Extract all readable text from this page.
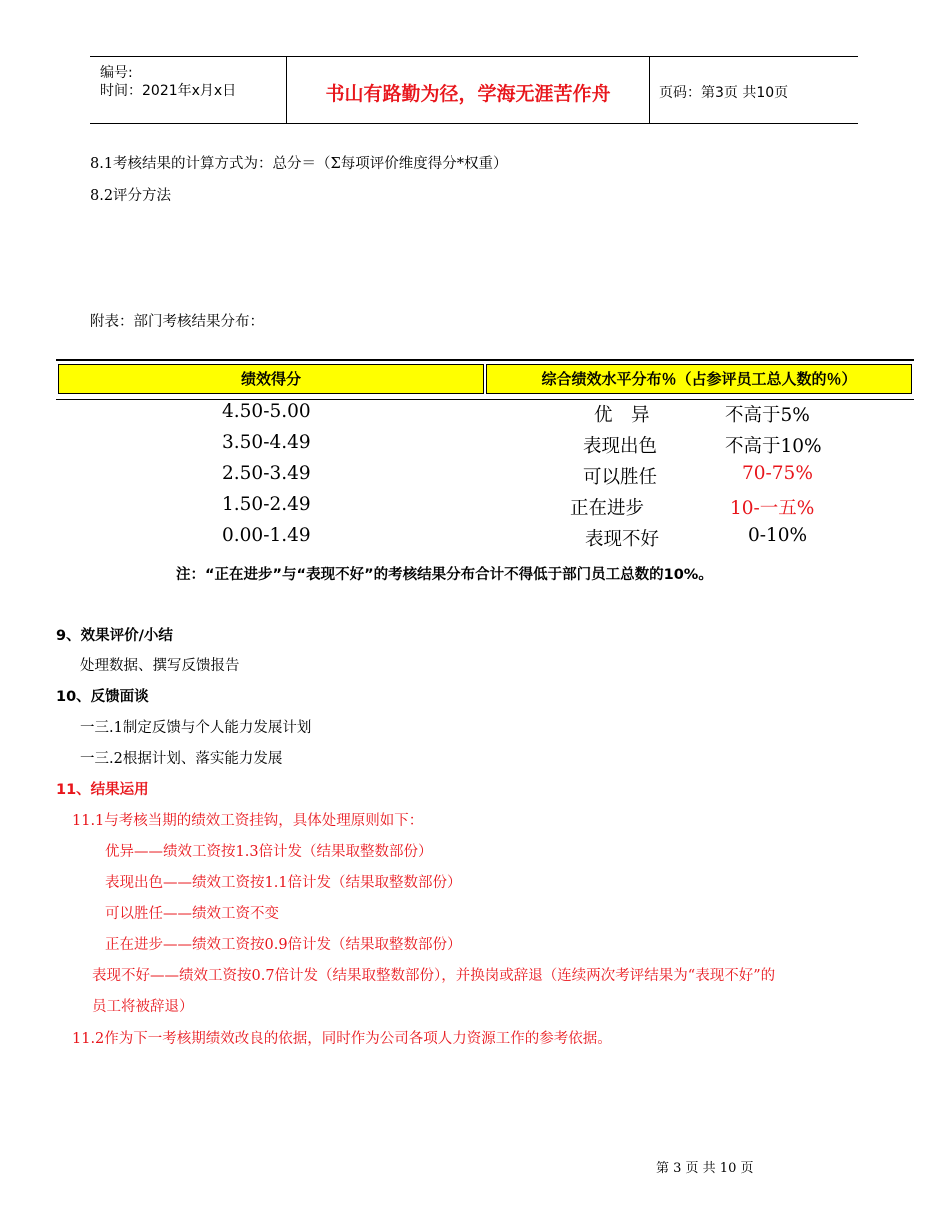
编号:
时间：2021年x月x日	书山有路勤为径，学海无涯苦作舟	页码：第3页 共10页
8.1考核结果的计算方式为：总分＝（Σ每项评价维度得分*权重）
8.2评分方法
附表：部门考核结果分布：
绩效得分	综合绩效水平分布％（占参评员工总人数的％）
4.50-5.00	优　异	不高于5%
3.50-4.49	表现出色	不高于10%
2.50-3.49	可以胜任	70-75%
1.50-2.49	正在进步	10-一五%
0.00-1.49	表现不好	0-10%
注：“正在进步”与“表现不好”的考核结果分布合计不得低于部门员工总数的10%。
9、效果评价/小结
处理数据、撰写反馈报告
10、反馈面谈
一三.1制定反馈与个人能力发展计划
一三.2根据计划、落实能力发展
11、结果运用
11.1与考核当期的绩效工资挂钩，具体处理原则如下：
优异——绩效工资按1.3倍计发（结果取整数部份）
表现出色——绩效工资按1.1倍计发（结果取整数部份）
可以胜任——绩效工资不变
正在进步——绩效工资按0.9倍计发（结果取整数部份）
表现不好——绩效工资按0.7倍计发（结果取整数部份），并换岗或辞退（连续两次考评结果为“表现不好”的
员工将被辞退）
11.2作为下一考核期绩效改良的依据，同时作为公司各项人力资源工作的参考依据。
第 3 页 共 10 页
